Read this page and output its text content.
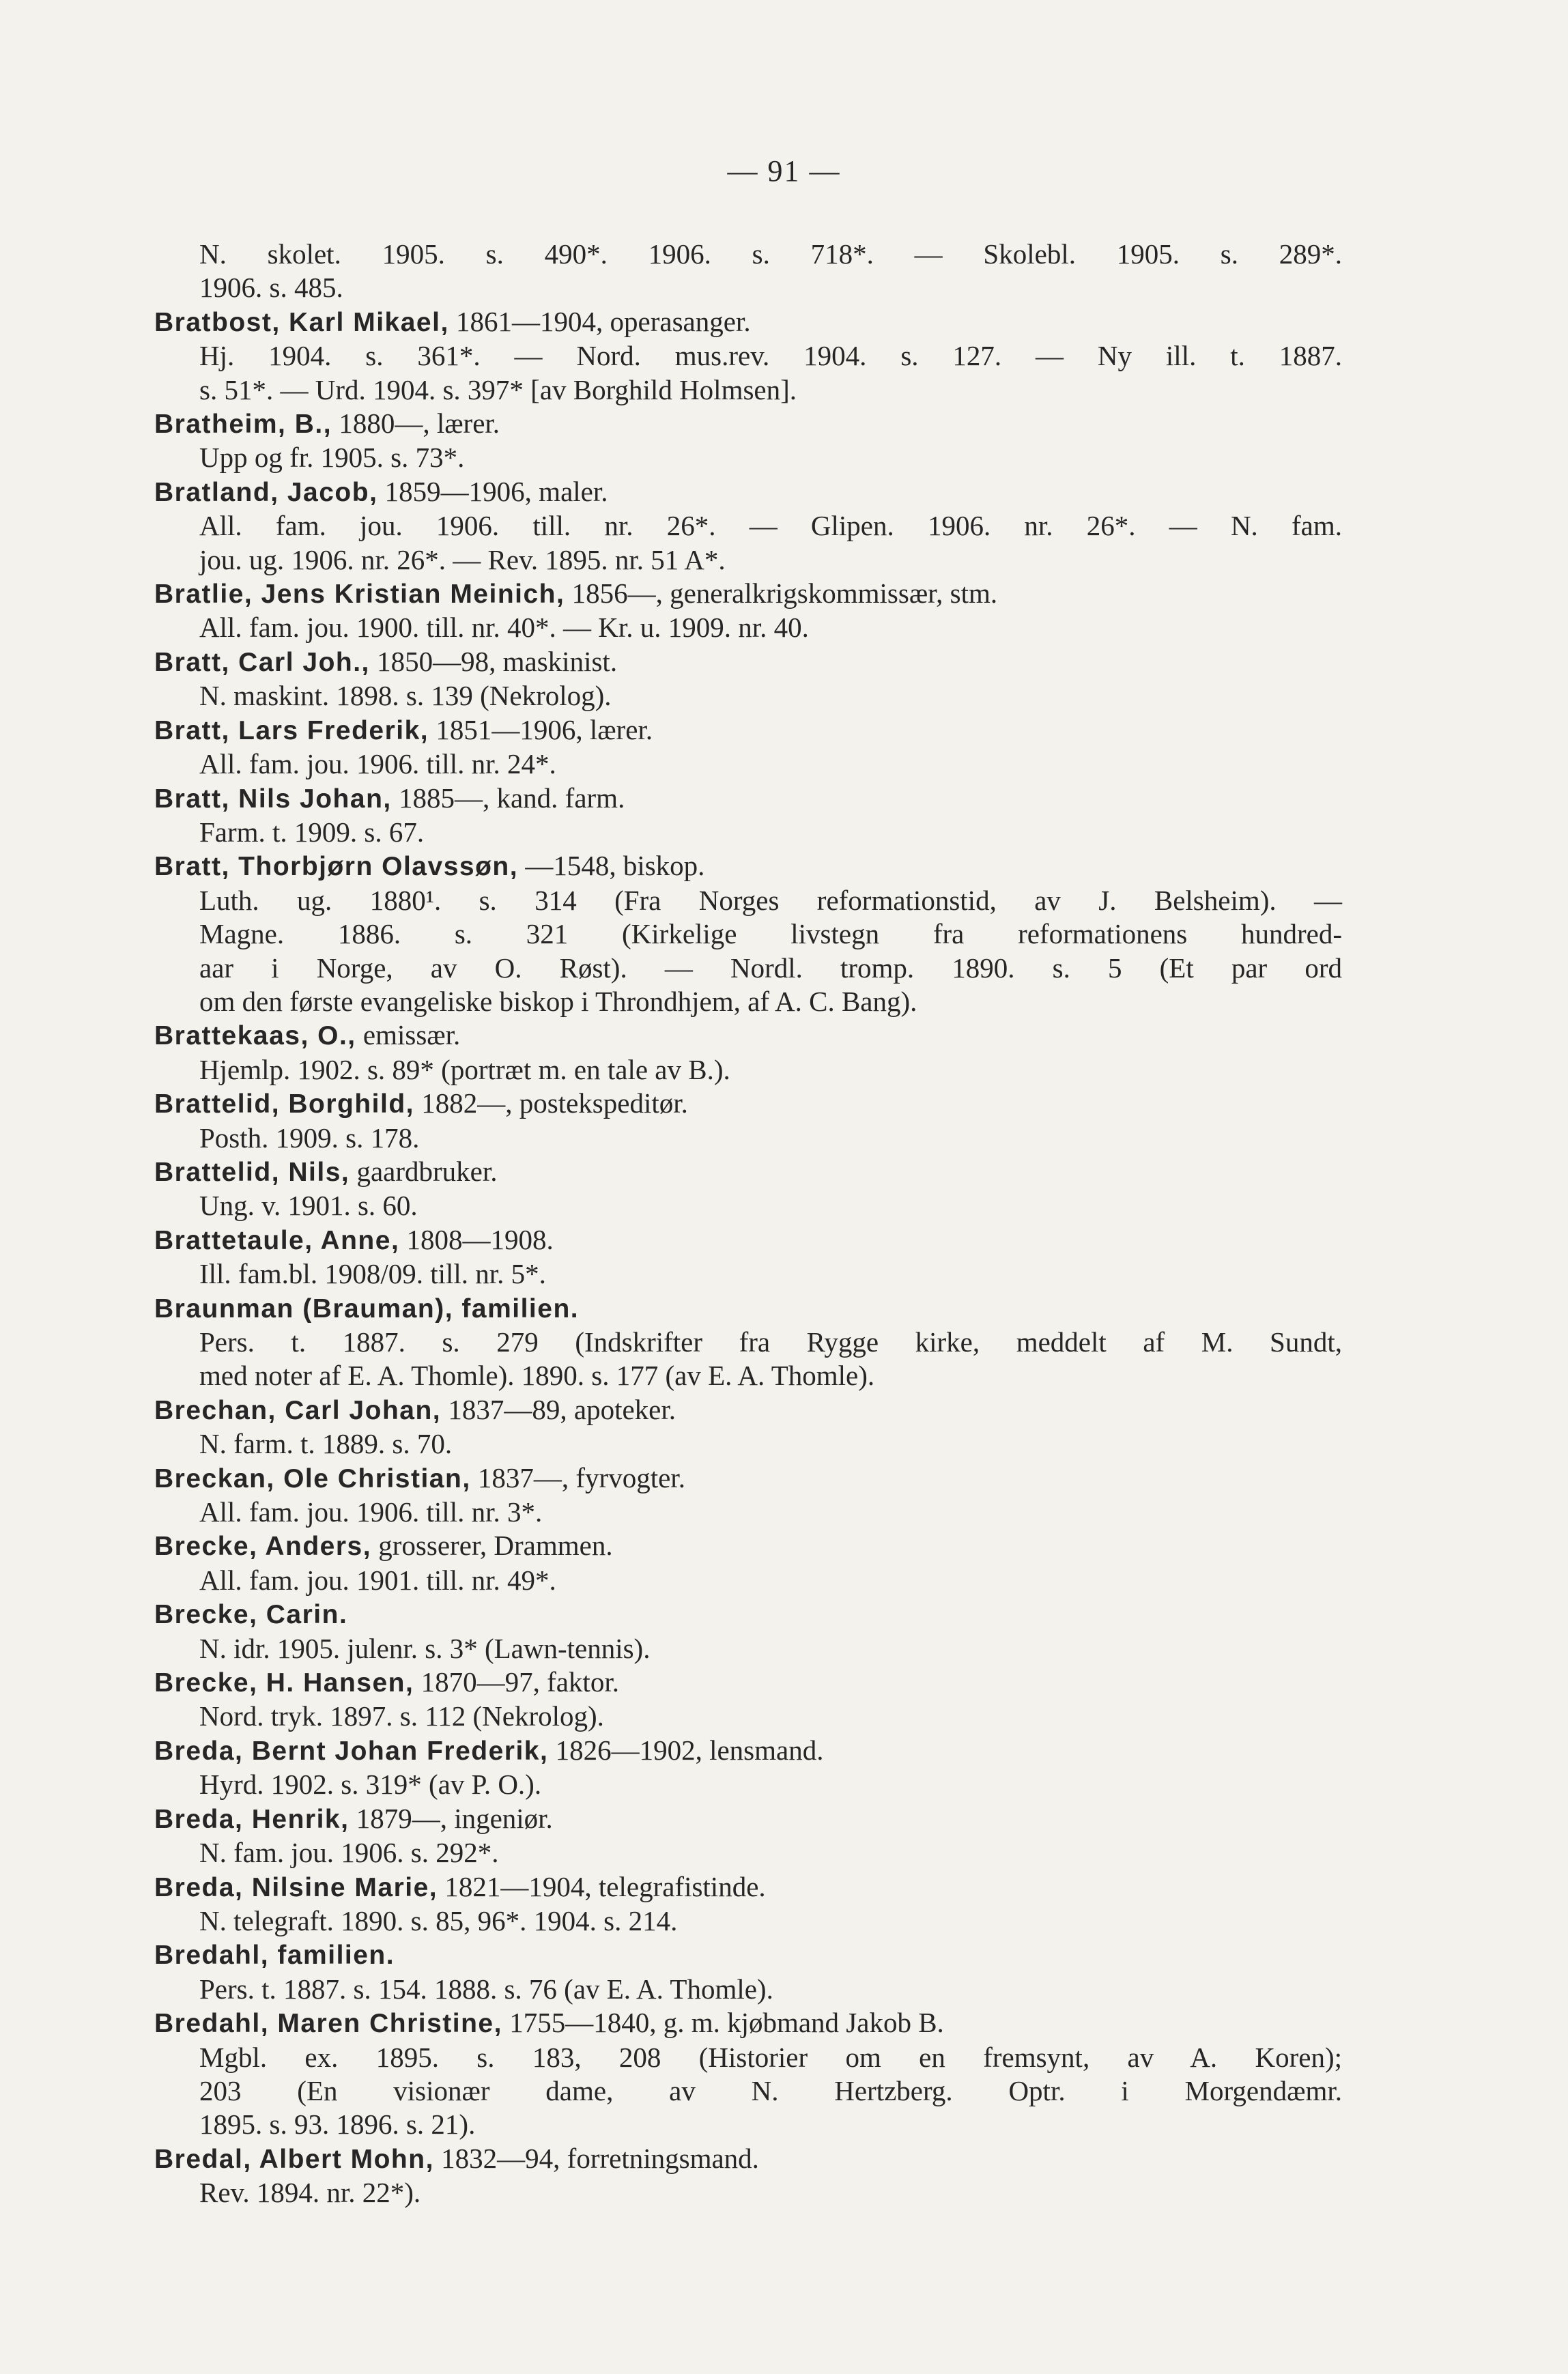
— 91 —
N. skolet. 1905. s. 490*. 1906. s. 718*. — Skolebl. 1905. s. 289*.
1906. s. 485.
Bratbost, Karl Mikael, 1861—1904, operasanger.
Hj. 1904. s. 361*. — Nord. mus.rev. 1904. s. 127. — Ny ill. t. 1887.
s. 51*. — Urd. 1904. s. 397* [av Borghild Holmsen].
Bratheim, B., 1880—, lærer.
Upp og fr. 1905. s. 73*.
Bratland, Jacob, 1859—1906, maler.
All. fam. jou. 1906. till. nr. 26*. — Glipen. 1906. nr. 26*. — N. fam.
jou. ug. 1906. nr. 26*. — Rev. 1895. nr. 51 A*.
Bratlie, Jens Kristian Meinich, 1856—, generalkrigskommissær, stm.
All. fam. jou. 1900. till. nr. 40*. — Kr. u. 1909. nr. 40.
Bratt, Carl Joh., 1850—98, maskinist.
N. maskint. 1898. s. 139 (Nekrolog).
Bratt, Lars Frederik, 1851—1906, lærer.
All. fam. jou. 1906. till. nr. 24*.
Bratt, Nils Johan, 1885—, kand. farm.
Farm. t. 1909. s. 67.
Bratt, Thorbjørn Olavssøn, —1548, biskop.
Luth. ug. 1880¹. s. 314 (Fra Norges reformationstid, av J. Belsheim). —
Magne. 1886. s. 321 (Kirkelige livstegn fra reformationens hundred-
aar i Norge, av O. Røst). — Nordl. tromp. 1890. s. 5 (Et par ord
om den første evangeliske biskop i Throndhjem, af A. C. Bang).
Brattekaas, O., emissær.
Hjemlp. 1902. s. 89* (portræt m. en tale av B.).
Brattelid, Borghild, 1882—, postekspeditør.
Posth. 1909. s. 178.
Brattelid, Nils, gaardbruker.
Ung. v. 1901. s. 60.
Brattetaule, Anne, 1808—1908.
Ill. fam.bl. 1908/09. till. nr. 5*.
Braunman (Brauman), familien.
Pers. t. 1887. s. 279 (Indskrifter fra Rygge kirke, meddelt af M. Sundt,
med noter af E. A. Thomle). 1890. s. 177 (av E. A. Thomle).
Brechan, Carl Johan, 1837—89, apoteker.
N. farm. t. 1889. s. 70.
Breckan, Ole Christian, 1837—, fyrvogter.
All. fam. jou. 1906. till. nr. 3*.
Brecke, Anders, grosserer, Drammen.
All. fam. jou. 1901. till. nr. 49*.
Brecke, Carin.
N. idr. 1905. julenr. s. 3* (Lawn-tennis).
Brecke, H. Hansen, 1870—97, faktor.
Nord. tryk. 1897. s. 112 (Nekrolog).
Breda, Bernt Johan Frederik, 1826—1902, lensmand.
Hyrd. 1902. s. 319* (av P. O.).
Breda, Henrik, 1879—, ingeniør.
N. fam. jou. 1906. s. 292*.
Breda, Nilsine Marie, 1821—1904, telegrafistinde.
N. telegraft. 1890. s. 85, 96*. 1904. s. 214.
Bredahl, familien.
Pers. t. 1887. s. 154. 1888. s. 76 (av E. A. Thomle).
Bredahl, Maren Christine, 1755—1840, g. m. kjøbmand Jakob B.
Mgbl. ex. 1895. s. 183, 208 (Historier om en fremsynt, av A. Koren);
203 (En visionær dame, av N. Hertzberg. Optr. i Morgendæmr.
1895. s. 93. 1896. s. 21).
Bredal, Albert Mohn, 1832—94, forretningsmand.
Rev. 1894. nr. 22*).
